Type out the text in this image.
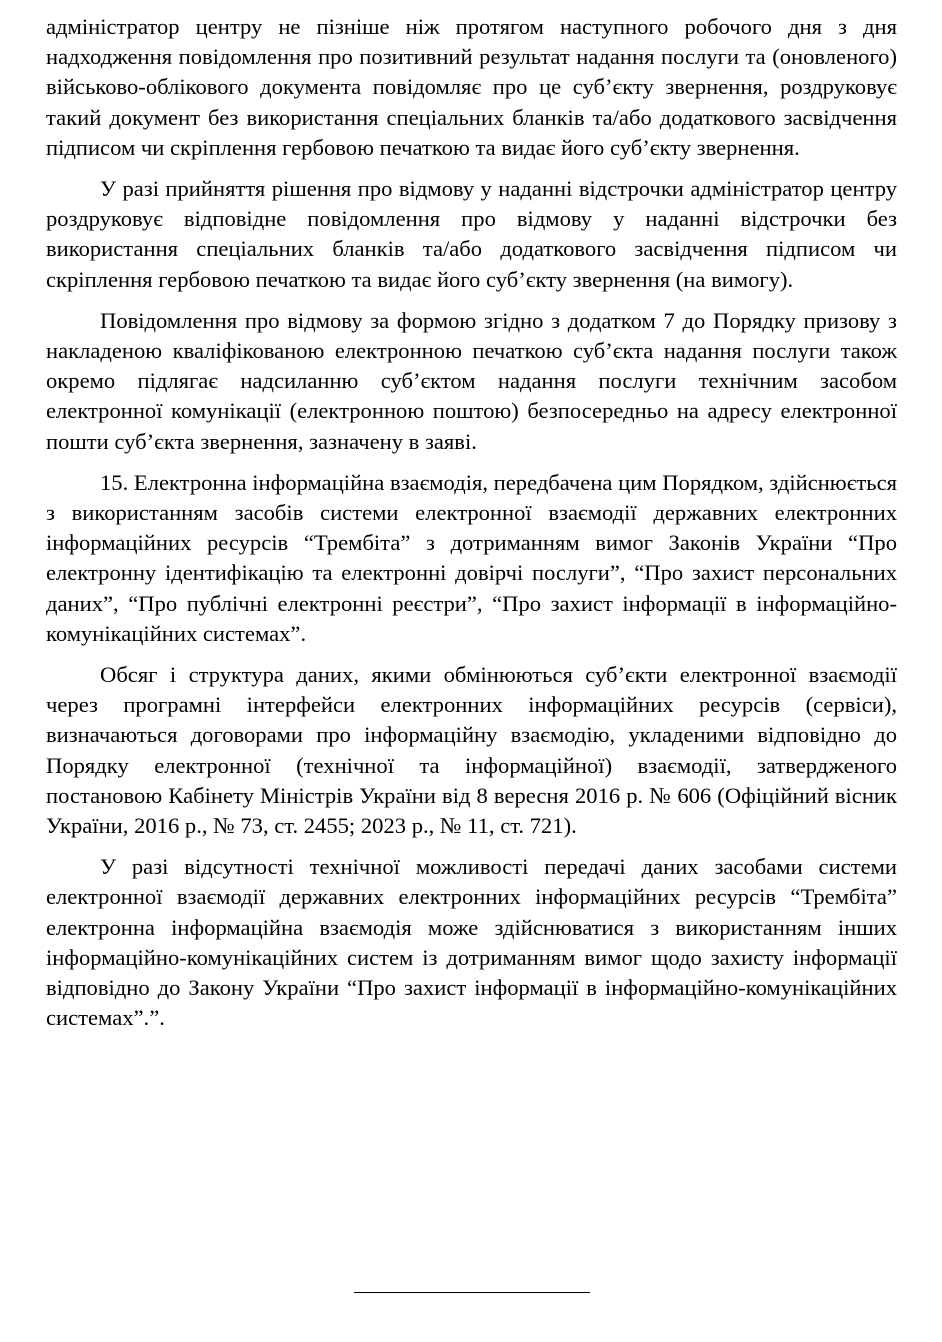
адміністратор центру не пізніше ніж протягом наступного робочого дня з дня надходження повідомлення про позитивний результат надання послуги та (оновленого) військово-облікового документа повідомляє про це суб’єкту звернення, роздруковує такий документ без використання спеціальних бланків та/або додаткового засвідчення підписом чи скріплення гербовою печаткою та видає його суб’єкту звернення.

У разі прийняття рішення про відмову у наданні відстрочки адміністратор центру роздруковує відповідне повідомлення про відмову у наданні відстрочки без використання спеціальних бланків та/або додаткового засвідчення підписом чи скріплення гербовою печаткою та видає його суб’єкту звернення (на вимогу).

Повідомлення про відмову за формою згідно з додатком 7 до Порядку призову з накладеною кваліфікованою електронною печаткою суб’єкта надання послуги також окремо підлягає надсиланню суб’єктом надання послуги технічним засобом електронної комунікації (електронною поштою) безпосередньо на адресу електронної пошти суб’єкта звернення, зазначену в заяві.

15. Електронна інформаційна взаємодія, передбачена цим Порядком, здійснюється з використанням засобів системи електронної взаємодії державних електронних інформаційних ресурсів “Трембіта” з дотриманням вимог Законів України “Про електронну ідентифікацію та електронні довірчі послуги”, “Про захист персональних даних”, “Про публічні електронні реєстри”, “Про захист інформації в інформаційно-комунікаційних системах”.

Обсяг і структура даних, якими обмінюються суб’єкти електронної взаємодії через програмні інтерфейси електронних інформаційних ресурсів (сервіси), визначаються договорами про інформаційну взаємодію, укладеними відповідно до Порядку електронної (технічної та інформаційної) взаємодії, затвердженого постановою Кабінету Міністрів України від 8 вересня 2016 р. № 606 (Офіційний вісник України, 2016 р., № 73, ст. 2455; 2023 р., № 11, ст. 721).

У разі відсутності технічної можливості передачі даних засобами системи електронної взаємодії державних електронних інформаційних ресурсів “Трембіта” електронна інформаційна взаємодія може здійснюватися з використанням інших інформаційно-комунікаційних систем із дотриманням вимог щодо захисту інформації відповідно до Закону України “Про захист інформації в інформаційно-комунікаційних системах”.”.
